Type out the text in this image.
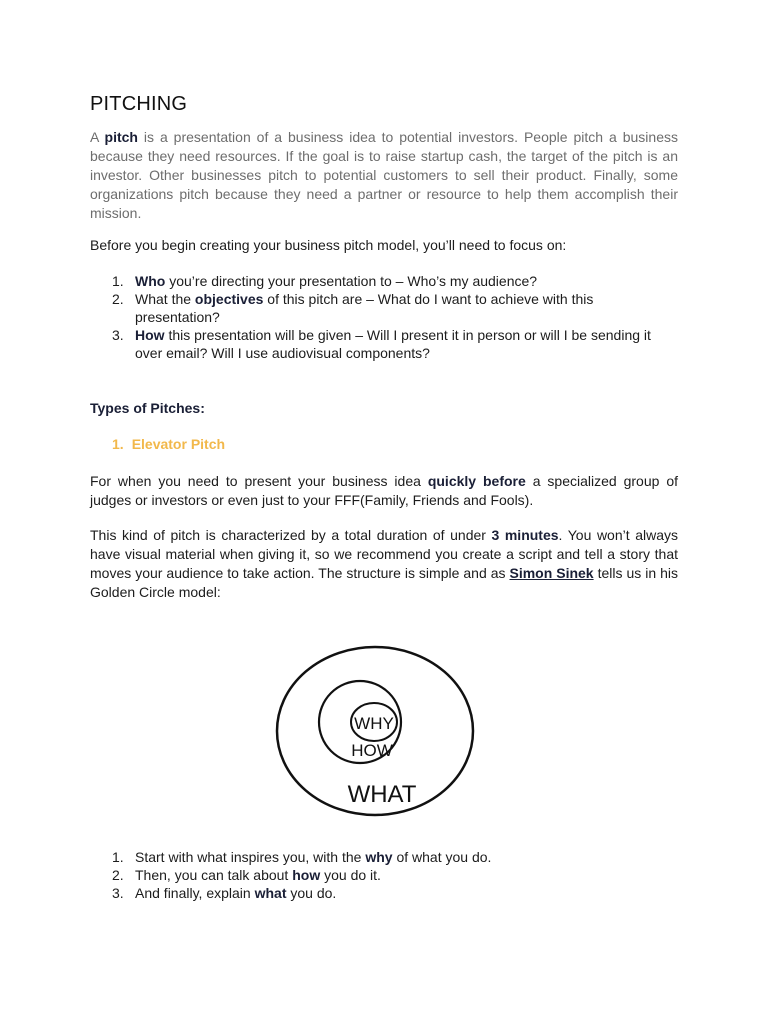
PITCHING

A pitch is a presentation of a business idea to potential investors. People pitch a business because they need resources. If the goal is to raise startup cash, the target of the pitch is an investor. Other businesses pitch to potential customers to sell their product. Finally, some organizations pitch because they need a partner or resource to help them accomplish their mission.

Before you begin creating your business pitch model, you’ll need to focus on:

1. Who you’re directing your presentation to – Who’s my audience?
2. What the objectives of this pitch are – What do I want to achieve with this presentation?
3. How this presentation will be given – Will I present it in person or will I be sending it over email? Will I use audiovisual components?

Types of Pitches:

1. Elevator Pitch

For when you need to present your business idea quickly before a specialized group of judges or investors or even just to your FFF(Family, Friends and Fools).

This kind of pitch is characterized by a total duration of under 3 minutes. You won’t always have visual material when giving it, so we recommend you create a script and tell a story that moves your audience to take action. The structure is simple and as Simon Sinek tells us in his Golden Circle model:

1. Start with what inspires you, with the why of what you do.
2. Then, you can talk about how you do it.
3. And finally, explain what you do.
WHY
HOW
WHAT
